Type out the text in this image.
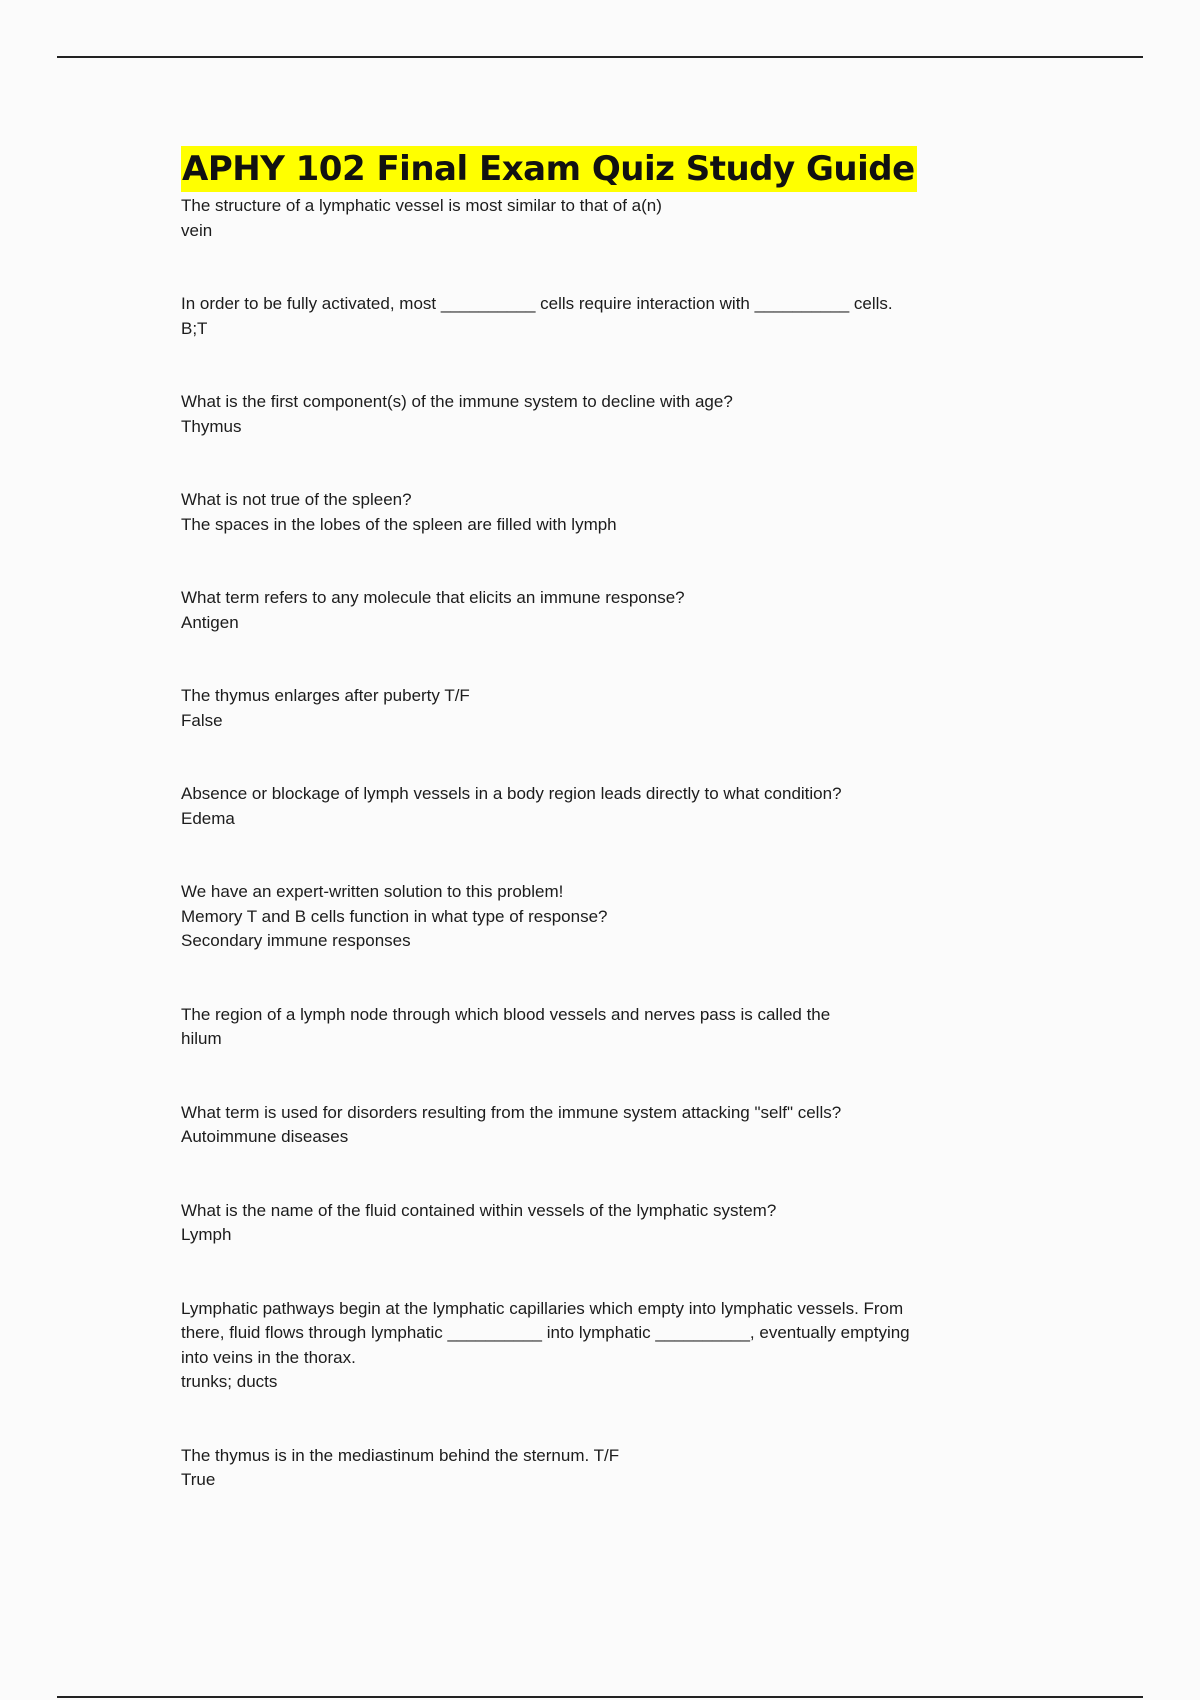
APHY 102 Final Exam Quiz Study Guide
The structure of a lymphatic vessel is most similar to that of a(n)
vein
In order to be fully activated, most __________ cells require interaction with __________ cells.
B;T
What is the first component(s) of the immune system to decline with age?
Thymus
What is not true of the spleen?
The spaces in the lobes of the spleen are filled with lymph
What term refers to any molecule that elicits an immune response?
Antigen
The thymus enlarges after puberty T/F
False
Absence or blockage of lymph vessels in a body region leads directly to what condition?
Edema
We have an expert-written solution to this problem!
Memory T and B cells function in what type of response?
Secondary immune responses
The region of a lymph node through which blood vessels and nerves pass is called the
hilum
What term is used for disorders resulting from the immune system attacking "self" cells?
Autoimmune diseases
What is the name of the fluid contained within vessels of the lymphatic system?
Lymph
Lymphatic pathways begin at the lymphatic capillaries which empty into lymphatic vessels. From
there, fluid flows through lymphatic __________ into lymphatic __________, eventually emptying
into veins in the thorax.
trunks; ducts
The thymus is in the mediastinum behind the sternum. T/F
True
